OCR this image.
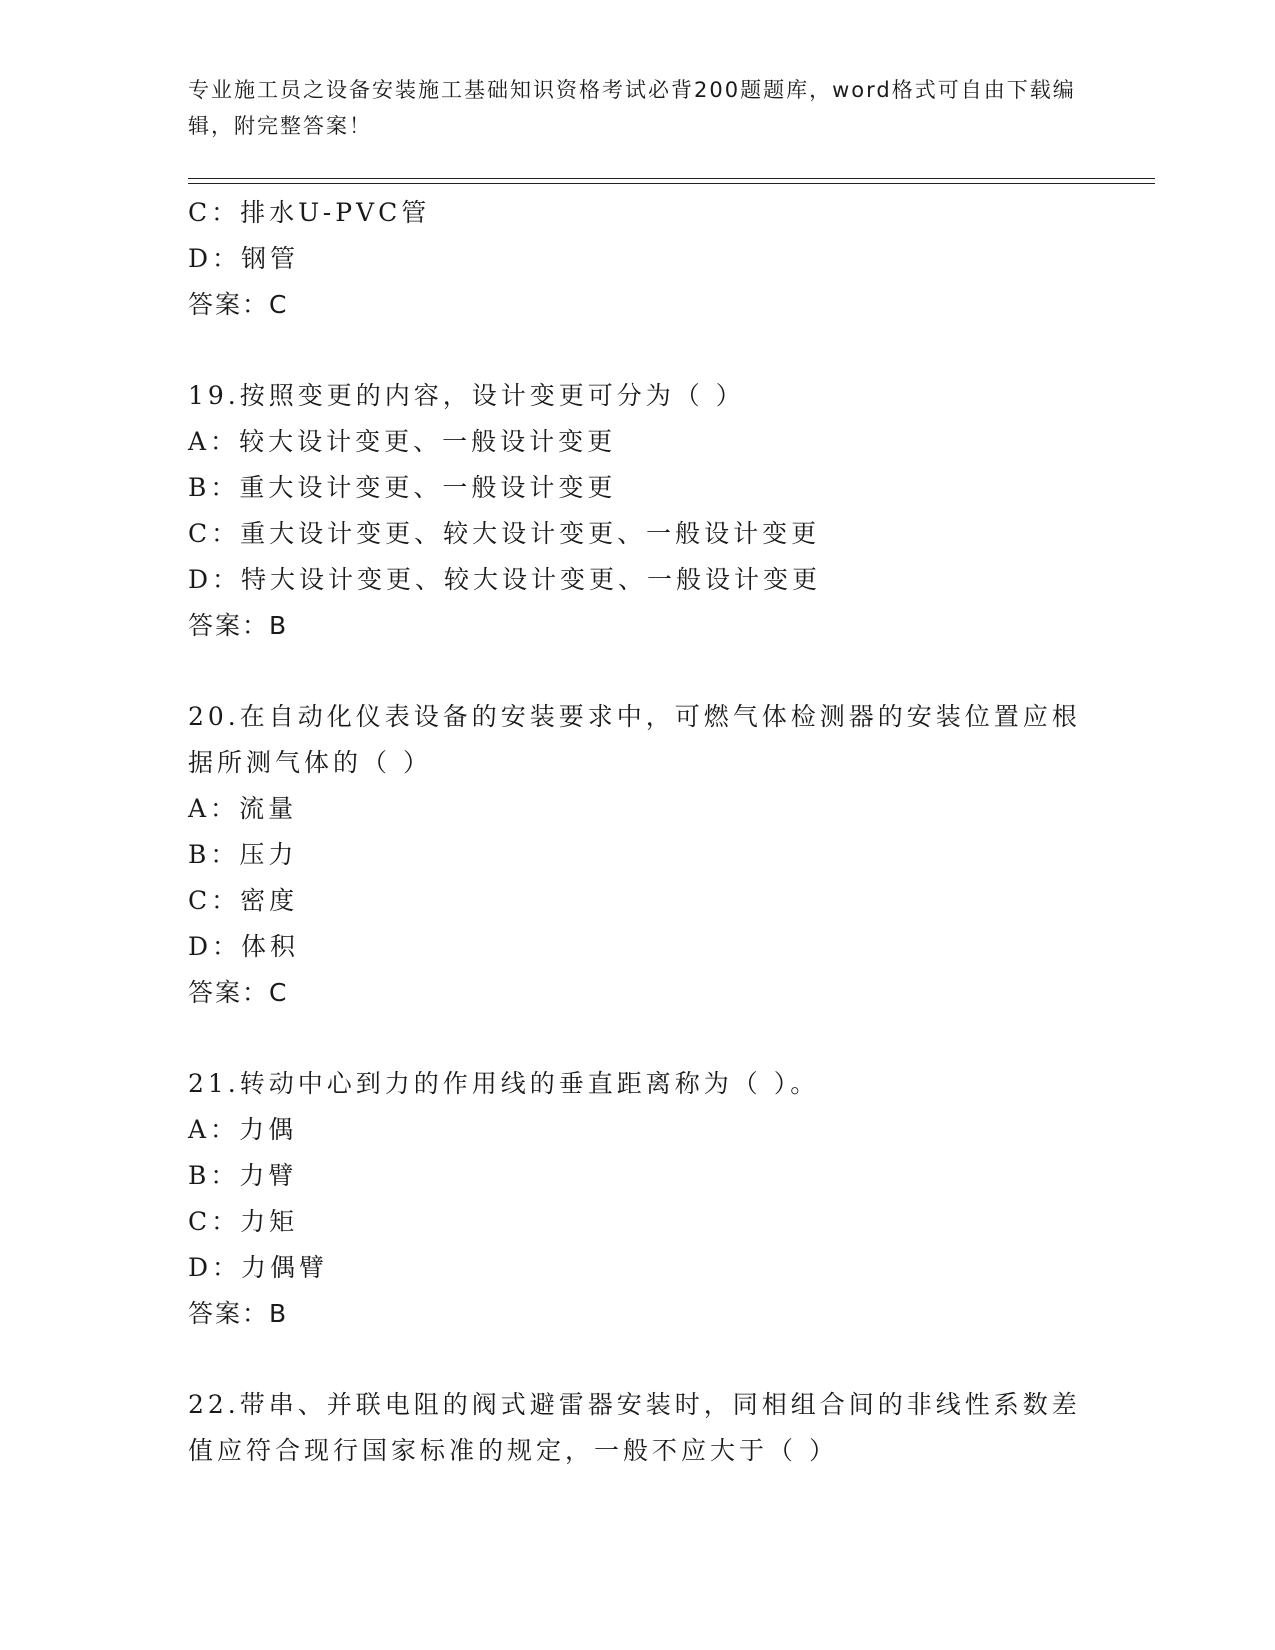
专业施工员之设备安装施工基础知识资格考试必背200题题库，word格式可自由下载编辑，附完整答案！
C：排水U-PVC管
D：钢管
答案：C
19.按照变更的内容，设计变更可分为（ ）
A：较大设计变更、一般设计变更
B：重大设计变更、一般设计变更
C：重大设计变更、较大设计变更、一般设计变更
D：特大设计变更、较大设计变更、一般设计变更
答案：B
20.在自动化仪表设备的安装要求中，可燃气体检测器的安装位置应根据所测气体的（ ）
A：流量
B：压力
C：密度
D：体积
答案：C
21.转动中心到力的作用线的垂直距离称为（ ）。
A：力偶
B：力臂
C：力矩
D：力偶臂
答案：B
22.带串、并联电阻的阀式避雷器安装时，同相组合间的非线性系数差值应符合现行国家标准的规定，一般不应大于（ ）
